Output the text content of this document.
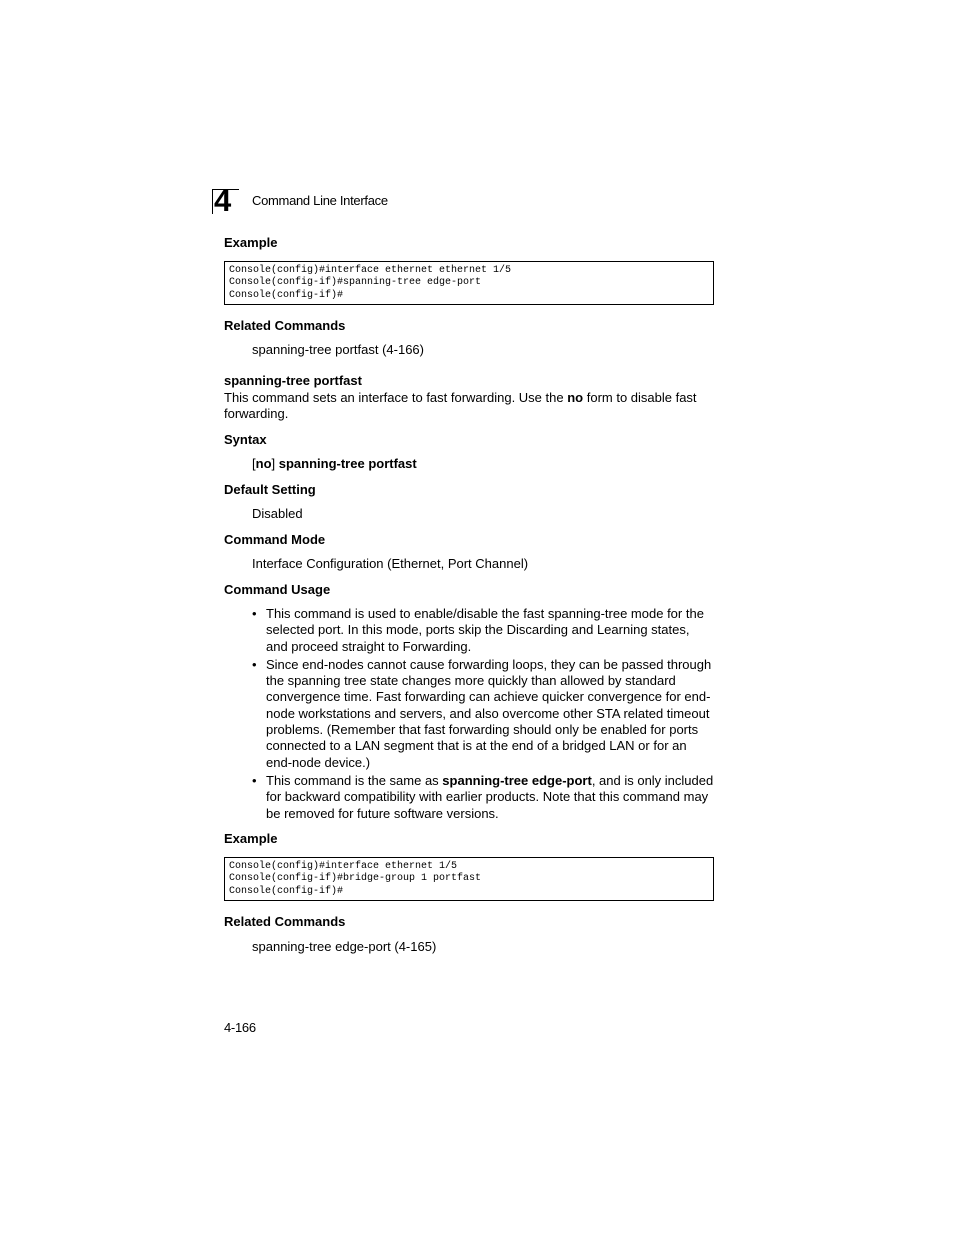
4 Command Line Interface
Example
Console(config)#interface ethernet ethernet 1/5
Console(config-if)#spanning-tree edge-port
Console(config-if)#
Related Commands
spanning-tree portfast (4-166)
spanning-tree portfast
This command sets an interface to fast forwarding. Use the no form to disable fast forwarding.
Syntax
[no] spanning-tree portfast
Default Setting
Disabled
Command Mode
Interface Configuration (Ethernet, Port Channel)
Command Usage
• This command is used to enable/disable the fast spanning-tree mode for the selected port. In this mode, ports skip the Discarding and Learning states, and proceed straight to Forwarding.
• Since end-nodes cannot cause forwarding loops, they can be passed through the spanning tree state changes more quickly than allowed by standard convergence time. Fast forwarding can achieve quicker convergence for end-node workstations and servers, and also overcome other STA related timeout problems. (Remember that fast forwarding should only be enabled for ports connected to a LAN segment that is at the end of a bridged LAN or for an end-node device.)
• This command is the same as spanning-tree edge-port, and is only included for backward compatibility with earlier products. Note that this command may be removed for future software versions.
Example
Console(config)#interface ethernet 1/5
Console(config-if)#bridge-group 1 portfast
Console(config-if)#
Related Commands
spanning-tree edge-port (4-165)
4-166
